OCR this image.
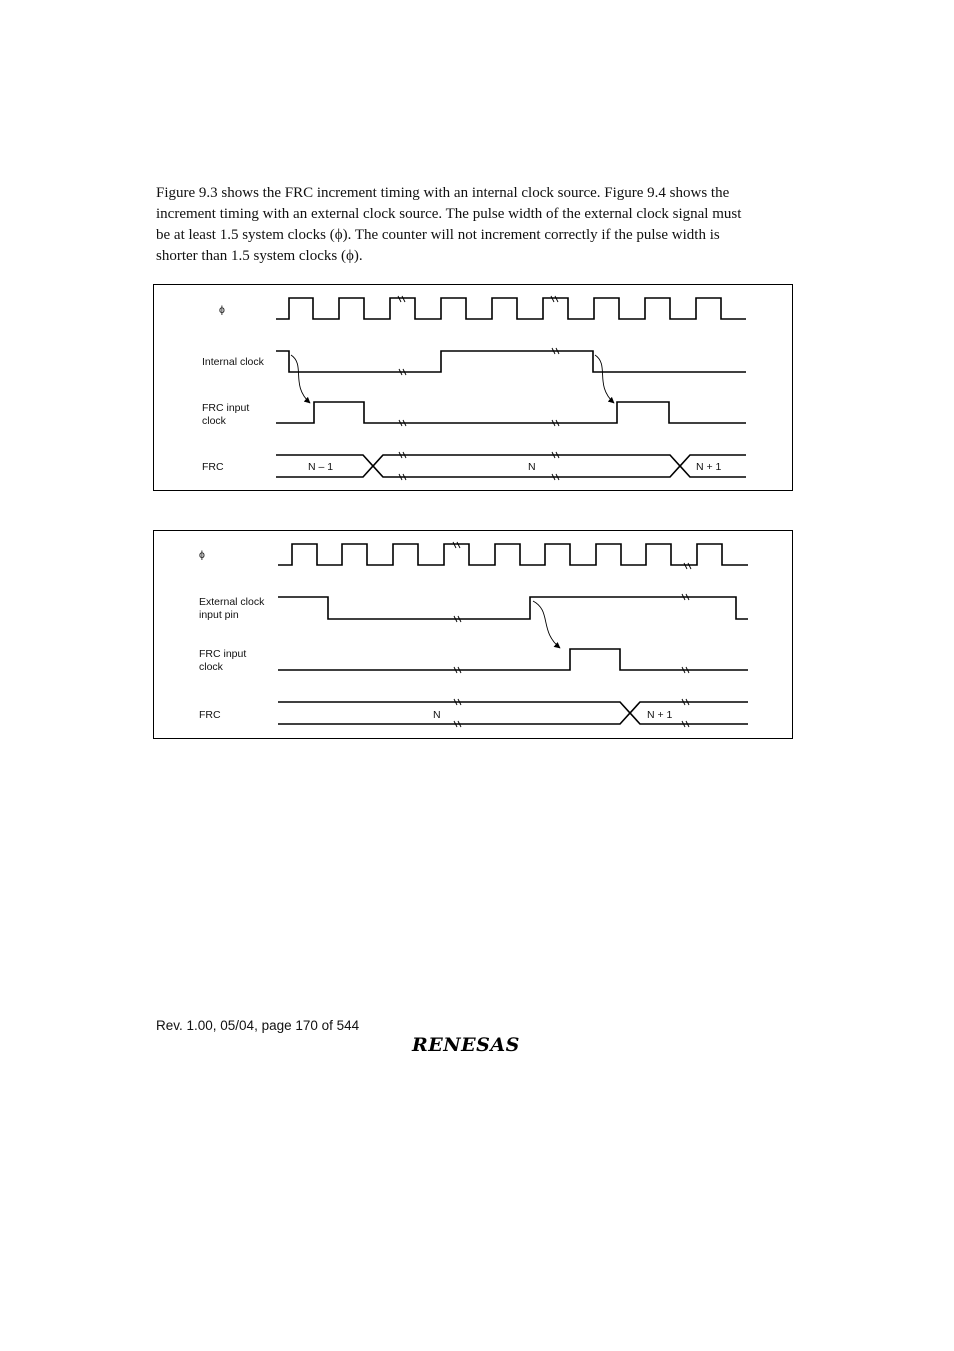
Figure 9.3 shows the FRC increment timing with an internal clock source. Figure 9.4 shows the
increment timing with an external clock source. The pulse width of the external clock signal must
be at least 1.5 system clocks (ϕ). The counter will not increment correctly if the pulse width is
shorter than 1.5 system clocks (ϕ).
ϕ
Internal clock
FRC input
clock
FRC	N – 1	N	N + 1
ϕ
External clock
input pin
FRC input
clock
FRC	N	N + 1
Rev. 1.00, 05/04, page 170 of 544
RENESAS
